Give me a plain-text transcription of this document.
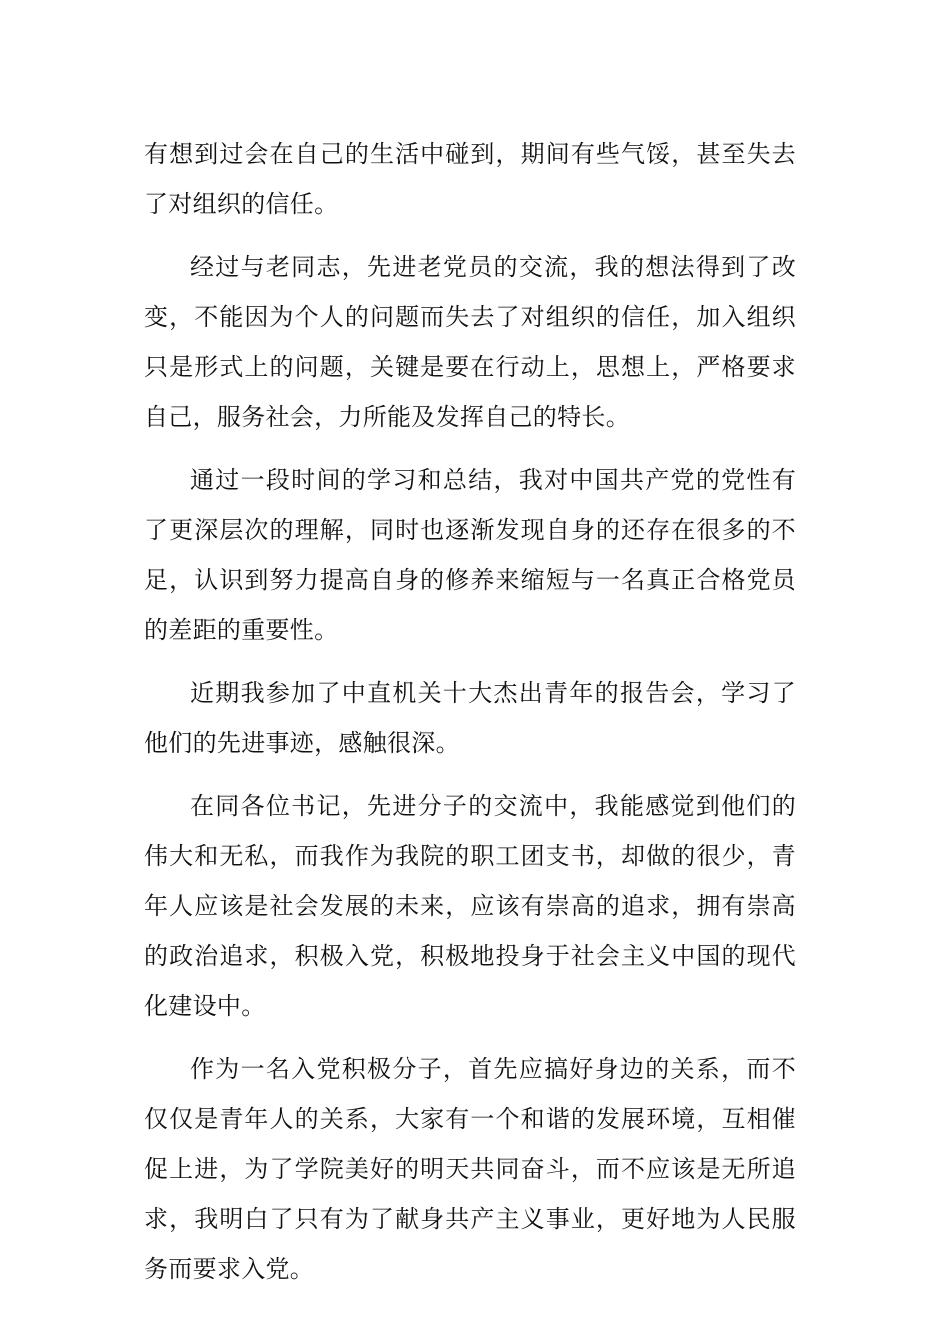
有想到过会在自己的生活中碰到，期间有些气馁，甚至失去了对组织的信任。

经过与老同志，先进老党员的交流，我的想法得到了改变，不能因为个人的问题而失去了对组织的信任，加入组织只是形式上的问题，关键是要在行动上，思想上，严格要求自己，服务社会，力所能及发挥自己的特长。

通过一段时间的学习和总结，我对中国共产党的党性有了更深层次的理解，同时也逐渐发现自身的还存在很多的不足，认识到努力提高自身的修养来缩短与一名真正合格党员的差距的重要性。

近期我参加了中直机关十大杰出青年的报告会，学习了他们的先进事迹，感触很深。

在同各位书记，先进分子的交流中，我能感觉到他们的伟大和无私，而我作为我院的职工团支书，却做的很少，青年人应该是社会发展的未来，应该有崇高的追求，拥有崇高的政治追求，积极入党，积极地投身于社会主义中国的现代化建设中。

作为一名入党积极分子，首先应搞好身边的关系，而不仅仅是青年人的关系，大家有一个和谐的发展环境，互相催促上进，为了学院美好的明天共同奋斗，而不应该是无所追求，我明白了只有为了献身共产主义事业，更好地为人民服务而要求入党。
